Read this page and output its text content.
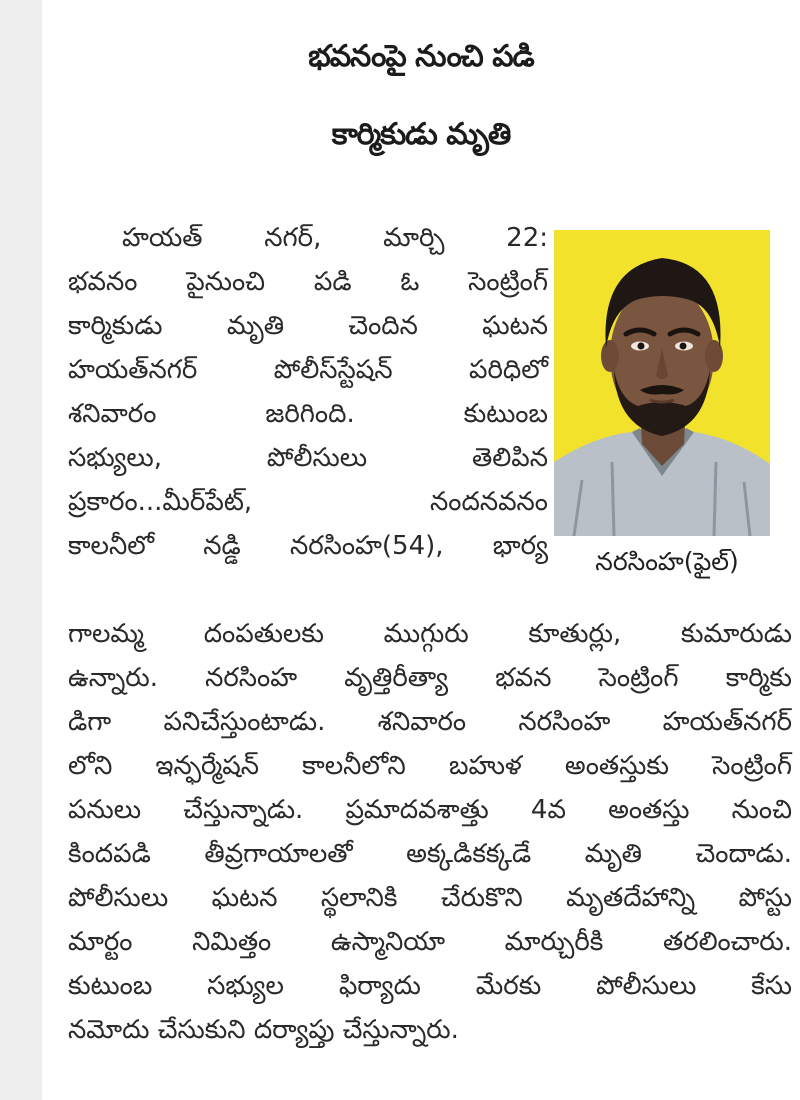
భవనంపై నుంచి పడి
కార్మికుడు మృతి
హయత్ నగర్, మార్చి 22:
భవనం పైనుంచి పడి ఓ సెంట్రింగ్
కార్మికుడు మృతి చెందిన ఘటన
హయత్‌నగర్ పోలీస్‌స్టేషన్ పరిధిలో
శనివారం జరిగింది. కుటుంబ
సభ్యులు, పోలీసులు తెలిపిన
ప్రకారం...మీర్‌పేట్, నందనవనం
కాలనీలో నడ్డి నరసింహ(54), భార్య
నరసింహ(ఫైల్)
గాలమ్మ దంపతులకు ముగ్గురు కూతుర్లు, కుమారుడు
ఉన్నారు. నరసింహ వృత్తిరీత్యా భవన సెంట్రింగ్ కార్మికు
డిగా పనిచేస్తుంటాడు. శనివారం నరసింహ హయత్‌నగర్
లోని ఇన్ఫర్మేషన్ కాలనీలోని బహుళ అంతస్తుకు సెంట్రింగ్
పనులు చేస్తున్నాడు. ప్రమాదవశాత్తు 4వ అంతస్తు నుంచి
కిందపడి తీవ్రగాయాలతో అక్కడికక్కడే మృతి చెందాడు.
పోలీసులు ఘటన స్థలానికి చేరుకొని మృతదేహాన్ని పోస్టు
మార్టం నిమిత్తం ఉస్మానియా మార్చురీకి తరలించారు.
కుటుంబ సభ్యుల ఫిర్యాదు మేరకు పోలీసులు కేసు
నమోదు చేసుకుని దర్యాప్తు చేస్తున్నారు.
